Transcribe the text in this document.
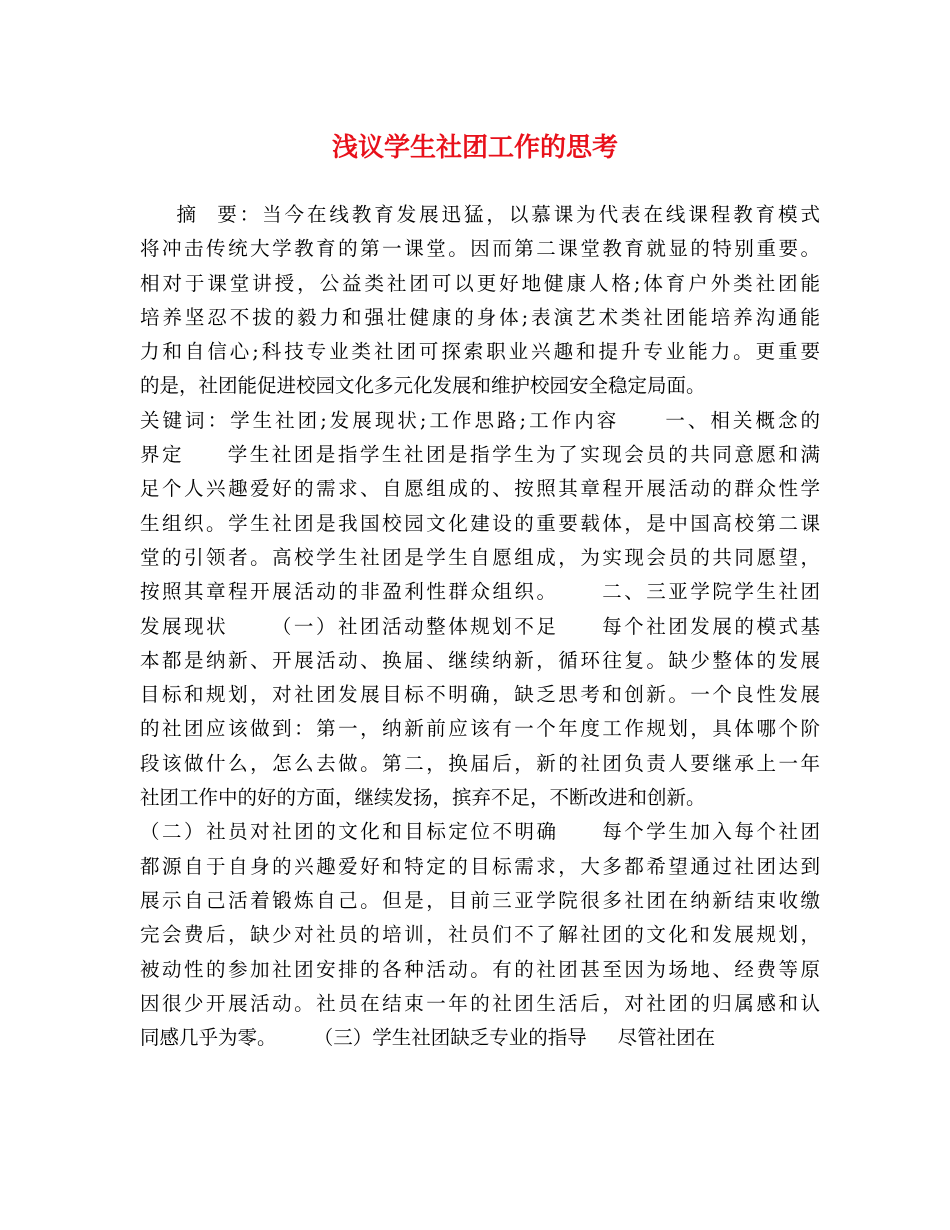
浅议学生社团工作的思考
摘  要：当今在线教育发展迅猛，以慕课为代表在线课程教育模式
将冲击传统大学教育的第一课堂。因而第二课堂教育就显的特别重要。
相对于课堂讲授，公益类社团可以更好地健康人格;体育户外类社团能
培养坚忍不拔的毅力和强壮健康的身体;表演艺术类社团能培养沟通能
力和自信心;科技专业类社团可探索职业兴趣和提升专业能力。更重要
的是，社团能促进校园文化多元化发展和维护校园安全稳定局面。
关键词：学生社团;发展现状;工作思路;工作内容     一、相关概念的
界定     学生社团是指学生社团是指学生为了实现会员的共同意愿和满
足个人兴趣爱好的需求、自愿组成的、按照其章程开展活动的群众性学
生组织。学生社团是我国校园文化建设的重要载体，是中国高校第二课
堂的引领者。高校学生社团是学生自愿组成，为实现会员的共同愿望，
按照其章程开展活动的非盈利性群众组织。     二、三亚学院学生社团
发展现状     （一）社团活动整体规划不足     每个社团发展的模式基
本都是纳新、开展活动、换届、继续纳新，循环往复。缺少整体的发展
目标和规划，对社团发展目标不明确，缺乏思考和创新。一个良性发展
的社团应该做到：第一，纳新前应该有一个年度工作规划，具体哪个阶
段该做什么，怎么去做。第二，换届后，新的社团负责人要继承上一年
社团工作中的好的方面，继续发扬，摈弃不足，不断改进和创新。
（二）社员对社团的文化和目标定位不明确     每个学生加入每个社团
都源自于自身的兴趣爱好和特定的目标需求，大多都希望通过社团达到
展示自己活着锻炼自己。但是，目前三亚学院很多社团在纳新结束收缴
完会费后，缺少对社员的培训，社员们不了解社团的文化和发展规划，
被动性的参加社团安排的各种活动。有的社团甚至因为场地、经费等原
因很少开展活动。社员在结束一年的社团生活后，对社团的归属感和认
同感几乎为零。      （三）学生社团缺乏专业的指导     尽管社团在
